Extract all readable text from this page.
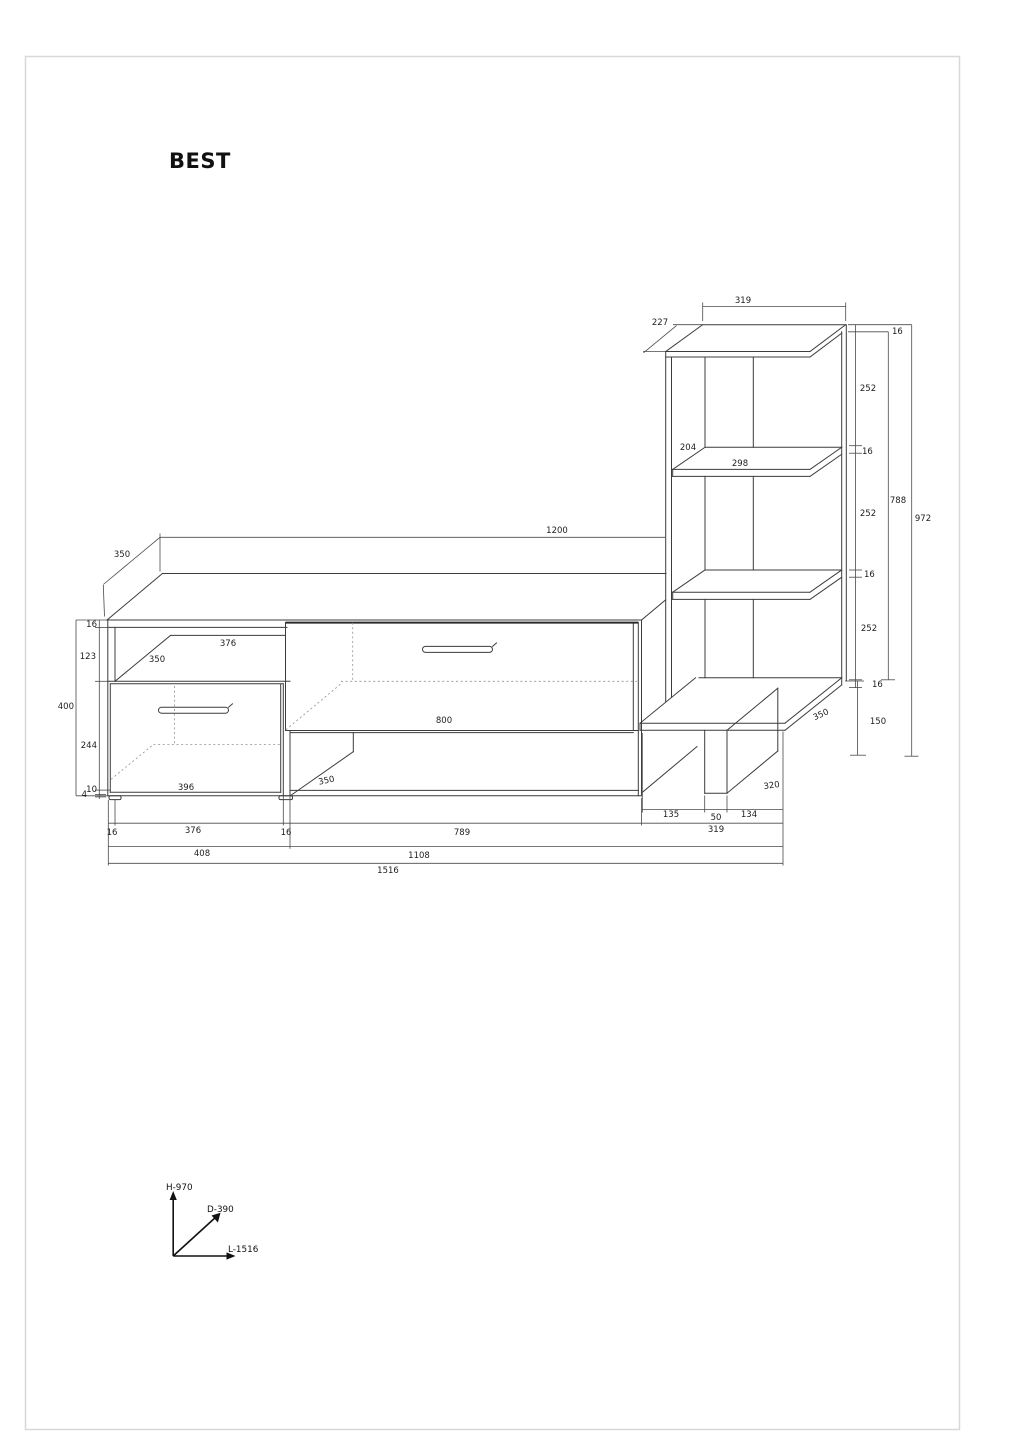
BEST
319
227
16
252
204
298
16
252
788
972
16
252
16
150
350
320
1200
350
376
350
800
396
16
123
400
244
10
4
135	50 134
319
16	376	16	789
408	1108
1516
350
H-970
D-390
L-1516
